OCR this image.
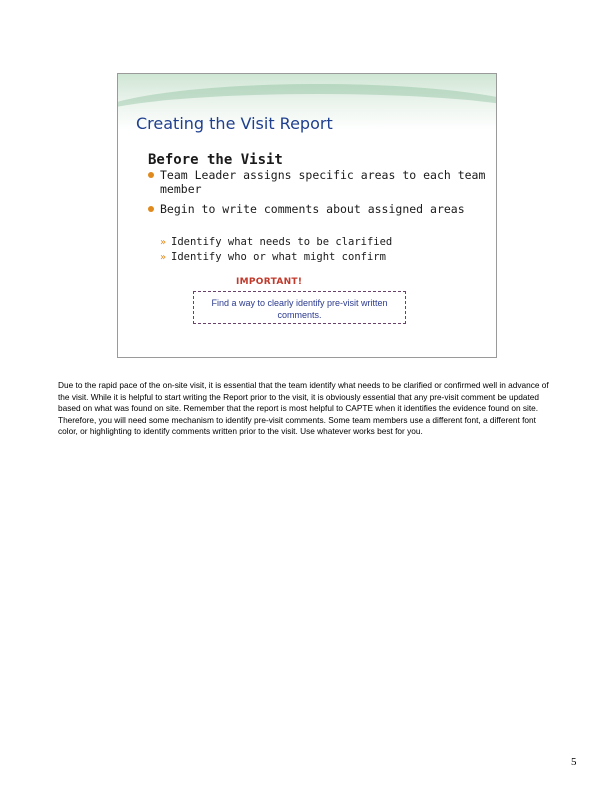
Creating the Visit Report
Before the Visit
Team Leader assigns specific areas to each team member
Begin to write comments about assigned areas
» Identify what needs to be clarified
» Identify who or what might confirm
IMPORTANT!
Find a way to clearly identify pre-visit written comments.

Due to the rapid pace of the on-site visit, it is essential that the team identify what needs to be clarified or confirmed well in advance of the visit. While it is helpful to start writing the Report prior to the visit, it is obviously essential that any pre-visit comment be updated based on what was found on site. Remember that the report is most helpful to CAPTE when it identifies the evidence found on site. Therefore, you will need some mechanism to identify pre-visit comments. Some team members use a different font, a different font color, or highlighting to identify comments written prior to the visit. Use whatever works best for you.

5
